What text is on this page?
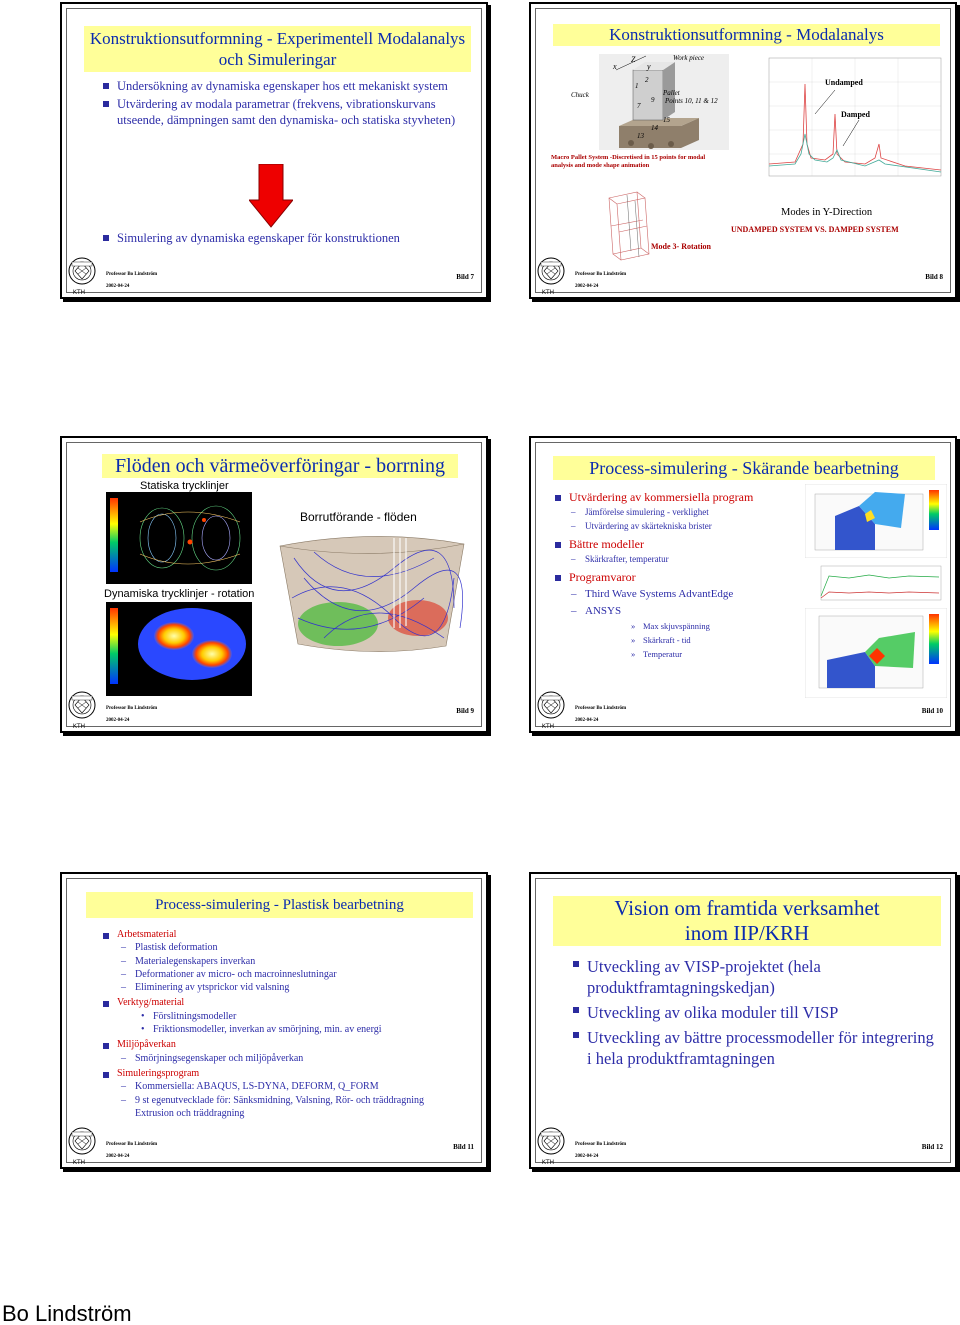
Konstruktionsutformning - Experimentell Modalanalys och Simuleringar
Undersökning av dynamiska egenskaper hos ett mekaniskt system
Utvärdering av modala parametrar (frekvens, vibrationskurvans utseende, dämpningen samt den dynamiska- och statiska styvheten)
Simulering av dynamiska egenskaper för konstruktionen
KTH
Professor Bo Lindström
2002-04-24
Bild 7
Konstruktionsutformning - Modalanalys
x
Z
y
Work piece
1
2
Chuck	Pallet
Points 10, 11 & 12
7
9
15
14
13
Macro Pallet System -Discretised in 15 points for modal analysis and mode shape animation
Undamped
Damped
Mode 3- Rotation
Modes in Y-Direction
UNDAMPED SYSTEM VS. DAMPED SYSTEM
KTH
Professor Bo Lindström
2002-04-24
Bild 8
Flöden och värmeöverföringar - borrning
Statiska trycklinjer
Dynamiska trycklinjer - rotation
Borrutförande - flöden
KTH
Professor Bo Lindström
2002-04-24
Bild 9
Process-simulering - Skärande bearbetning
Utvärdering av kommersiella program
– Jämförelse simulering - verklighet
– Utvärdering av skärtekniska brister
Bättre modeller
– Skärkrafter, temperatur
Programvaror
– Third Wave Systems AdvantEdge
– ANSYS
» Max skjuvspänning
» Skärkraft - tid
» Temperatur
KTH
Professor Bo Lindström
2002-04-24
Bild 10
Process-simulering - Plastisk bearbetning
Arbetsmaterial
– Plastisk deformation
– Materialegenskapers inverkan
– Deformationer av micro- och macroinneslutningar
– Eliminering av ytsprickor vid valsning
Verktyg/material
• Förslitningsmodeller
• Friktionsmodeller, inverkan av smörjning, min. av energi
Miljöpåverkan
– Smörjningsegenskaper och miljöpåverkan
Simuleringsprogram
– Kommersiella: ABAQUS, LS-DYNA, DEFORM, Q_FORM
– 9 st egenutvecklade för: Sänksmidning, Valsning, Rör- och träddragning Extrusion och träddragning
KTH
Professor Bo Lindström
2002-04-24
Bild 11
Vision om framtida verksamhet inom IIP/KRH
Utveckling av VISP-projektet (hela produktframtagningskedjan)
Utveckling av olika moduler till VISP
Utveckling av bättre processmodeller för integrering i hela produktframtagningen
KTH
Professor Bo Lindström
2002-04-24
Bild 12
Bo Lindström
